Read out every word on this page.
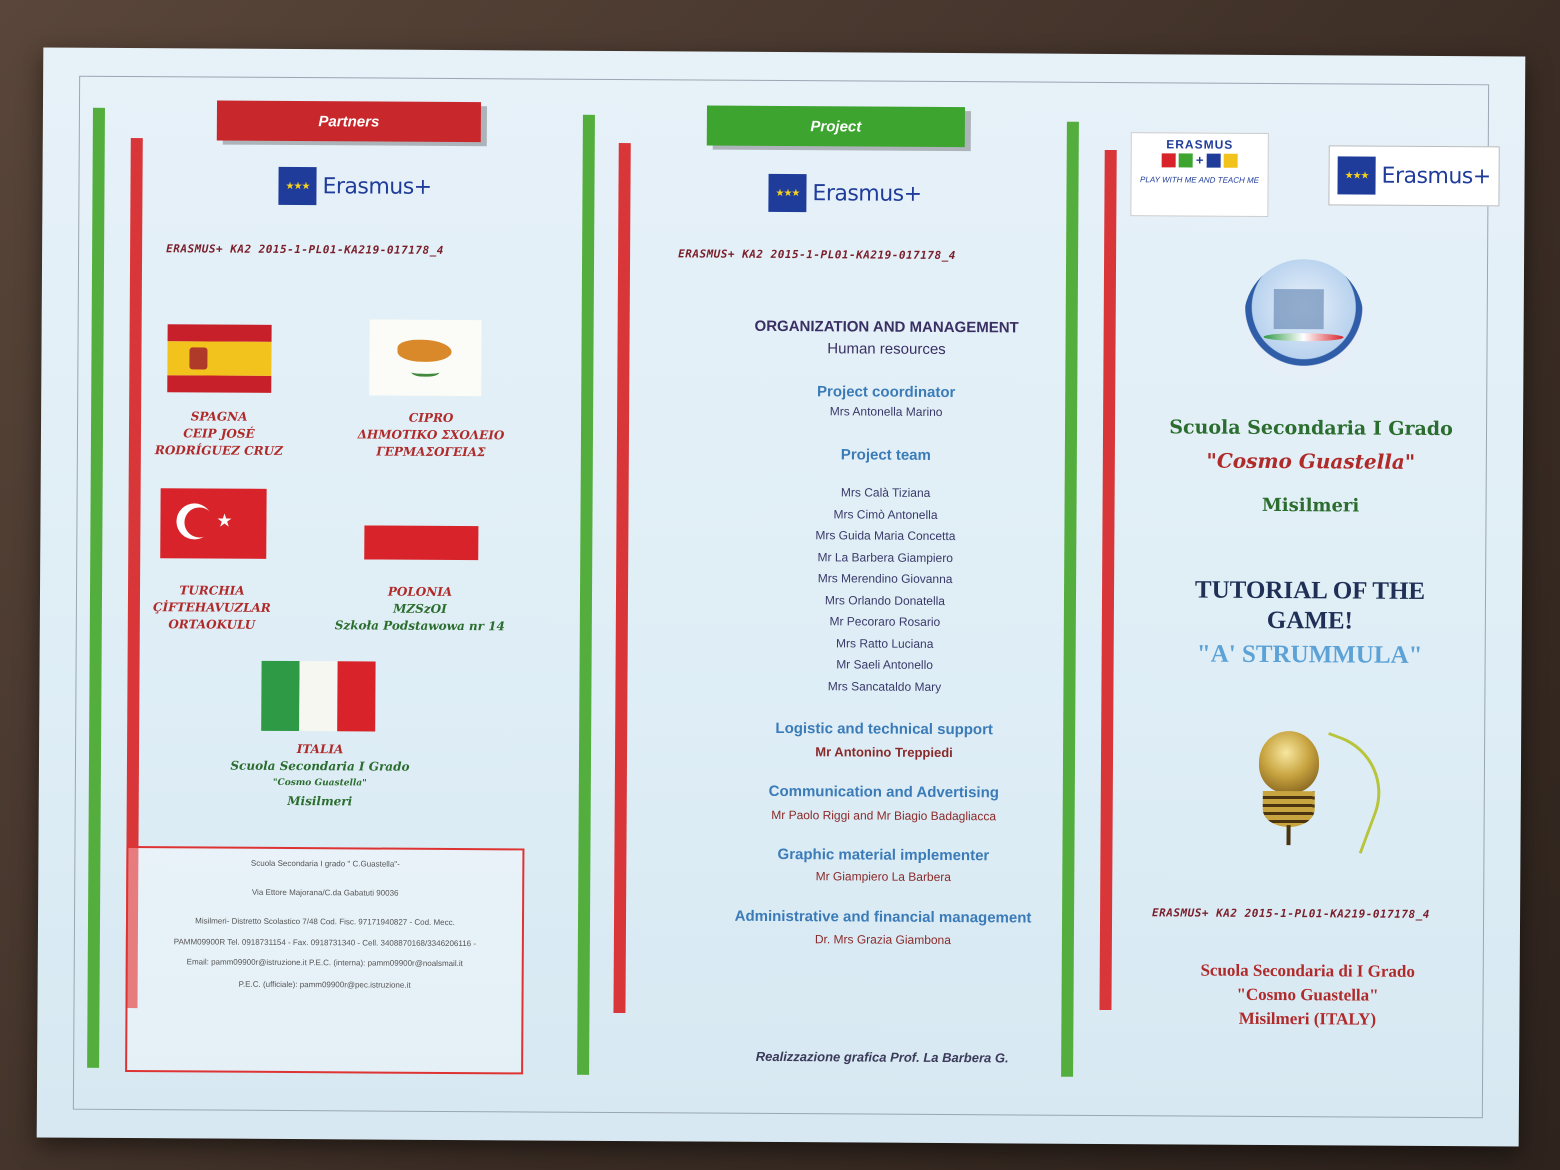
Partners
★★★ Erasmus+
ERASMUS+ KA2 2015-1-PL01-KA219-017178_4
SPAGNA
CEIP JOSÉ
RODRÍGUEZ CRUZ
CIPRO
ΔΗΜΟΤΙΚΟ ΣΧΟΛΕΙΟ
ΓΕΡΜΑΣΟΓΕΙΑΣ
★
TURCHIA
ÇİFTEHAVUZLAR
ORTAOKULU
POLONIA
MZSzOI
Szkoła Podstawowa nr 14
ITALIA
Scuola Secondaria I Grado
"Cosmo Guastella"
Misilmeri
Scuola Secondaria I grado " C.Guastella"-
Via Ettore Majorana/C.da Gabatuti 90036
Misilmeri- Distretto Scolastico 7/48 Cod. Fisc. 97171940827 - Cod. Mecc.
PAMM09900R Tel. 0918731154 - Fax. 0918731340 - Cell. 3408870168/3346206116 -
Email: pamm09900r@istruzione.it P.E.C. (interna): pamm09900r@noalsmail.it
P.E.C. (ufficiale): pamm09900r@pec.istruzione.it
Project
★★★ Erasmus+
ERASMUS+ KA2 2015-1-PL01-KA219-017178_4
ORGANIZATION AND MANAGEMENT
Human resources
Project coordinator
Mrs Antonella Marino
Project team
Mrs Calà Tiziana
Mrs Cimò Antonella
Mrs Guida Maria Concetta
Mr La Barbera Giampiero
Mrs Merendino Giovanna
Mrs Orlando Donatella
Mr Pecoraro Rosario
Mrs Ratto Luciana
Mr Saeli Antonello
Mrs Sancataldo Mary
Logistic and technical support
Mr Antonino Treppiedi
Communication and Advertising
Mr Paolo Riggi and Mr Biagio Badagliacca
Graphic material implementer
Mr Giampiero La Barbera
Administrative and financial management
Dr. Mrs Grazia Giambona
Realizzazione grafica Prof. La Barbera G.
ERASMUS
+
PLAY WITH ME AND TEACH ME	★★★ Erasmus+
Scuola Secondaria I Grado
"Cosmo Guastella"
Misilmeri
TUTORIAL OF THE
GAME!
"A' STRUMMULA"
ERASMUS+ KA2 2015-1-PL01-KA219-017178_4
Scuola Secondaria di I Grado
"Cosmo Guastella"
Misilmeri (ITALY)
